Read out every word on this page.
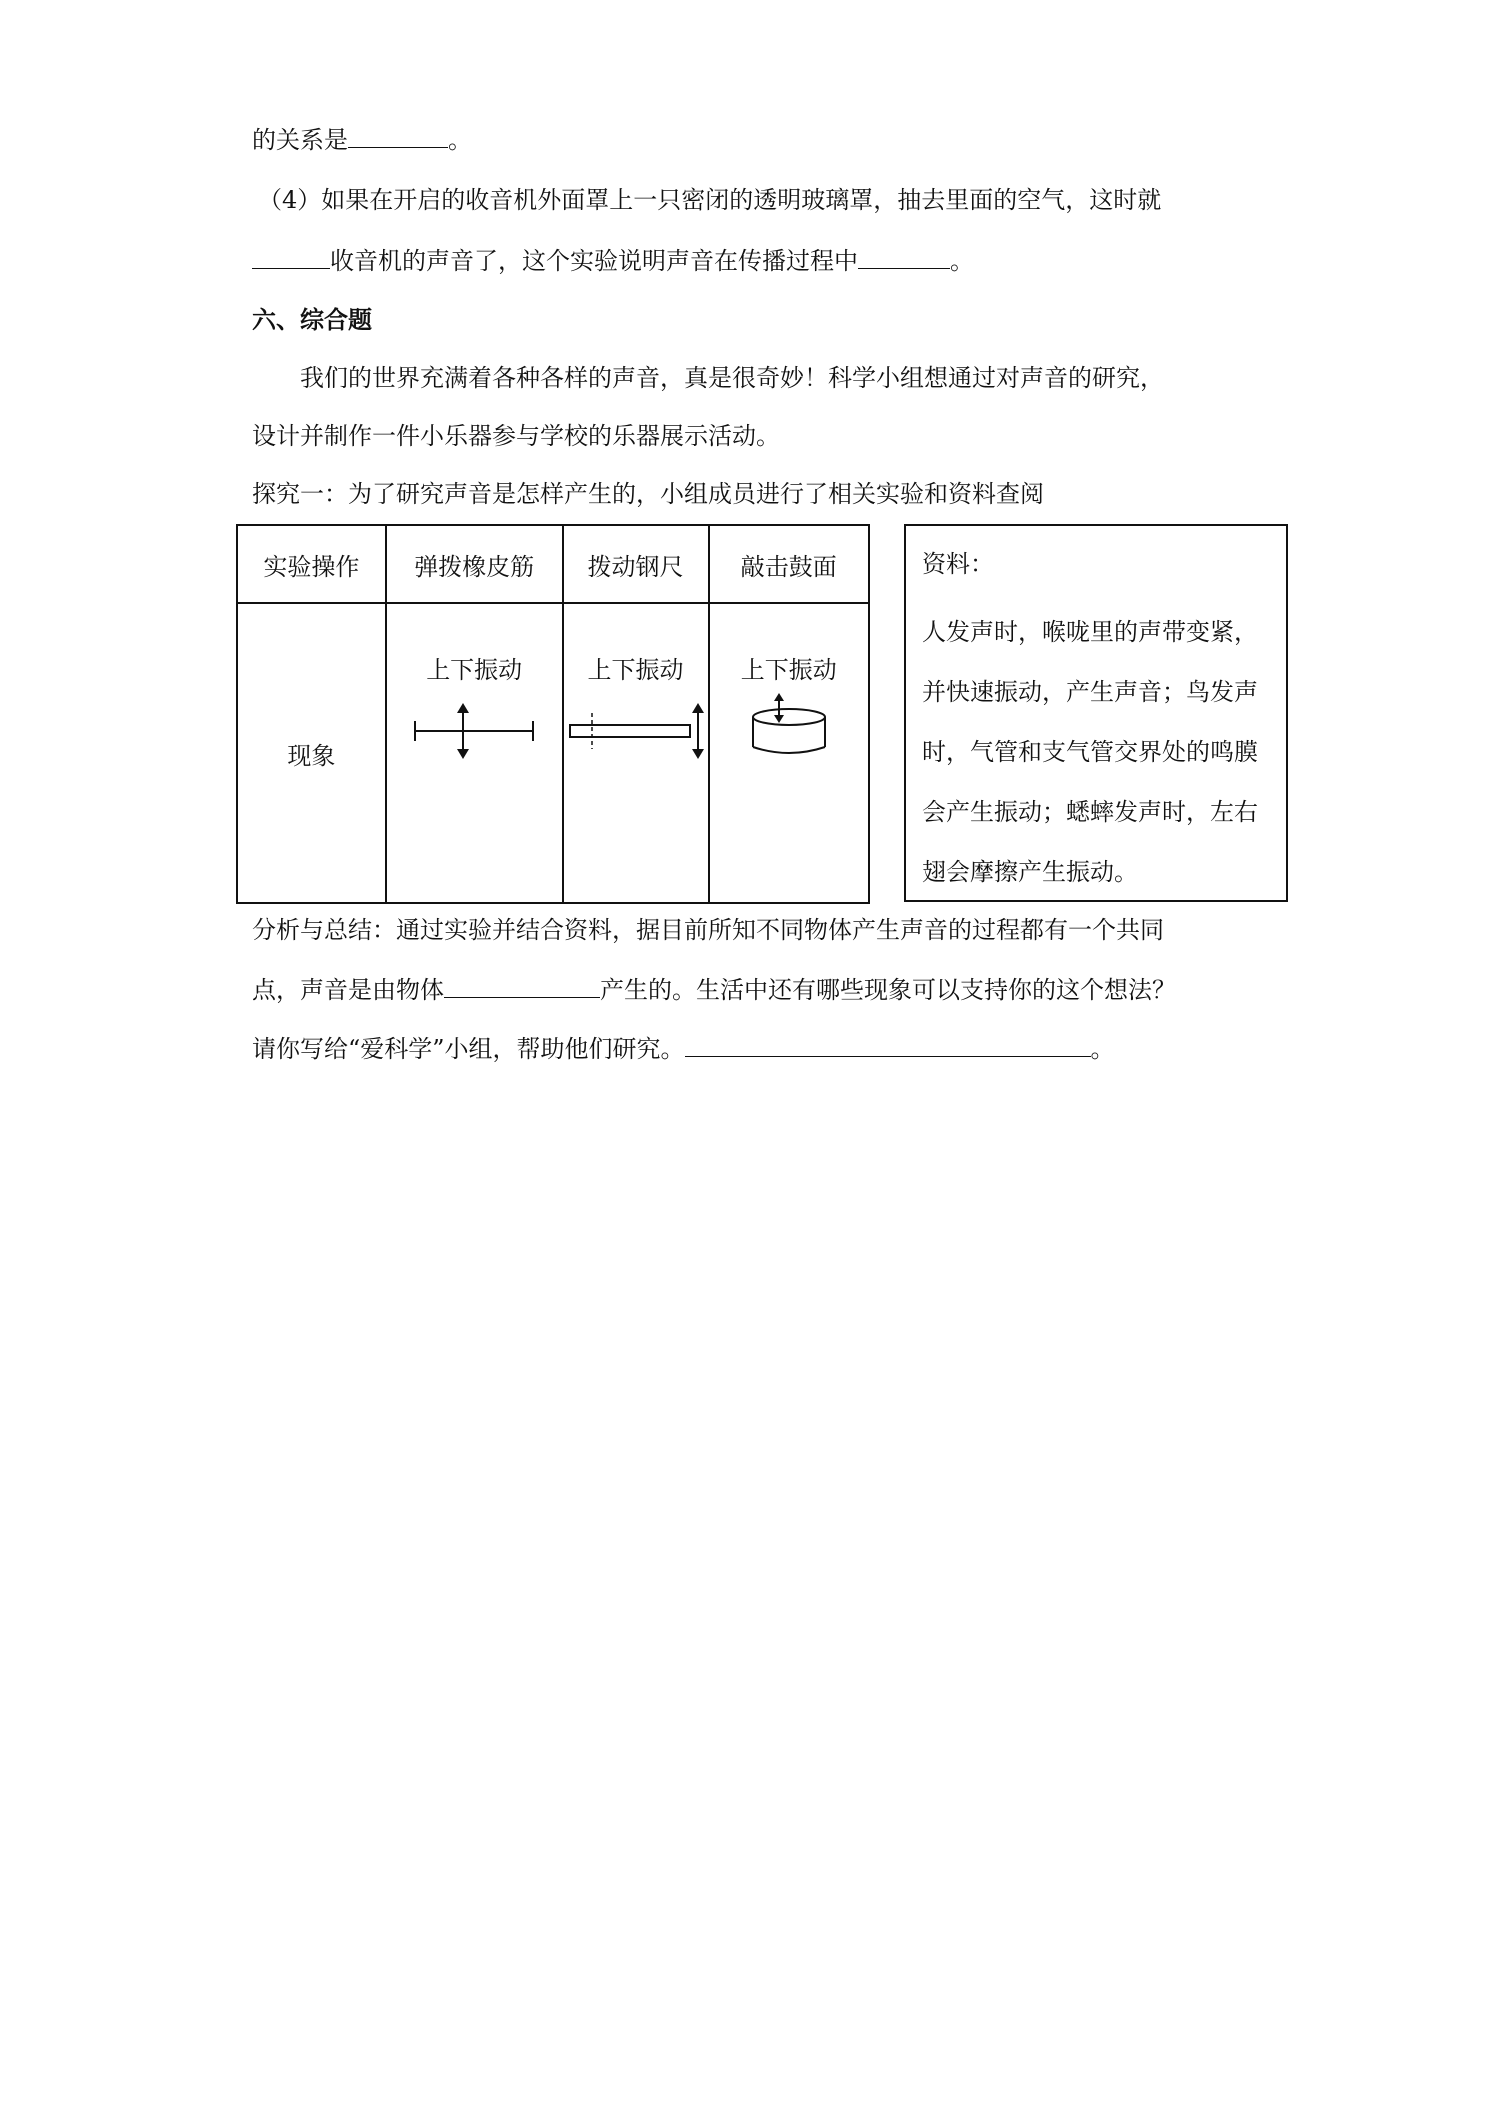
的关系是	。
（4）如果在开启的收音机外面罩上一只密闭的透明玻璃罩，抽去里面的空气，这时就
收音机的声音了，这个实验说明声音在传播过程中	。
六、综合题
我们的世界充满着各种各样的声音，真是很奇妙！科学小组想通过对声音的研究，
设计并制作一件小乐器参与学校的乐器展示活动。
探究一：为了研究声音是怎样产生的，小组成员进行了相关实验和资料查阅
实验操作	弹拨橡皮筋	拨动钢尺	敲击鼓面
现象	上下振动	上下振动	上下振动
资料：
人发声时，喉咙里的声带变紧，
并快速振动，产生声音；鸟发声
时，气管和支气管交界处的鸣膜
会产生振动；蟋蟀发声时，左右
翅会摩擦产生振动。
分析与总结：通过实验并结合资料，据目前所知不同物体产生声音的过程都有一个共同
点，声音是由物体	产生的。生活中还有哪些现象可以支持你的这个想法？
请你写给“爱科学”小组，帮助他们研究。	。
